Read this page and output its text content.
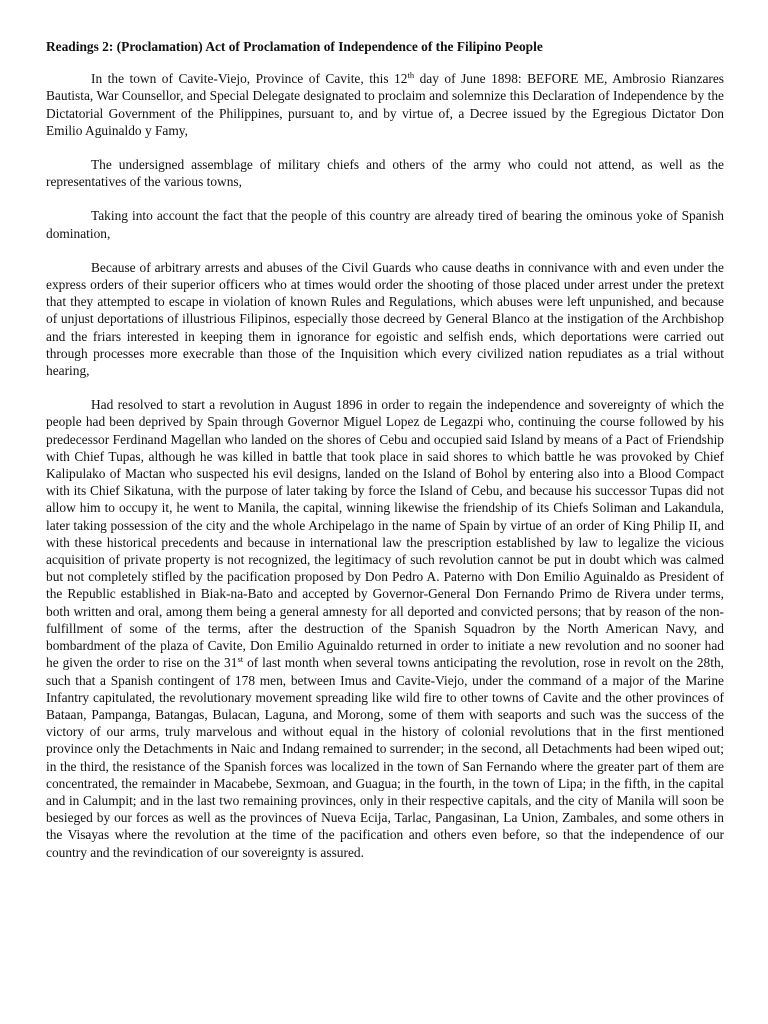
Readings 2: (Proclamation) Act of Proclamation of Independence of the Filipino People

In the town of Cavite-Viejo, Province of Cavite, this 12th day of June 1898: BEFORE ME, Ambrosio Rianzares Bautista, War Counsellor, and Special Delegate designated to proclaim and solemnize this Declaration of Independence by the Dictatorial Government of the Philippines, pursuant to, and by virtue of, a Decree issued by the Egregious Dictator Don Emilio Aguinaldo y Famy,

The undersigned assemblage of military chiefs and others of the army who could not attend, as well as the representatives of the various towns,

Taking into account the fact that the people of this country are already tired of bearing the ominous yoke of Spanish domination,

Because of arbitrary arrests and abuses of the Civil Guards who cause deaths in connivance with and even under the express orders of their superior officers who at times would order the shooting of those placed under arrest under the pretext that they attempted to escape in violation of known Rules and Regulations, which abuses were left unpunished, and because of unjust deportations of illustrious Filipinos, especially those decreed by General Blanco at the instigation of the Archbishop and the friars interested in keeping them in ignorance for egoistic and selfish ends, which deportations were carried out through processes more execrable than those of the Inquisition which every civilized nation repudiates as a trial without hearing,

Had resolved to start a revolution in August 1896 in order to regain the independence and sovereignty of which the people had been deprived by Spain through Governor Miguel Lopez de Legazpi who, continuing the course followed by his predecessor Ferdinand Magellan who landed on the shores of Cebu and occupied said Island by means of a Pact of Friendship with Chief Tupas, although he was killed in battle that took place in said shores to which battle he was provoked by Chief Kalipulako of Mactan who suspected his evil designs, landed on the Island of Bohol by entering also into a Blood Compact with its Chief Sikatuna, with the purpose of later taking by force the Island of Cebu, and because his successor Tupas did not allow him to occupy it, he went to Manila, the capital, winning likewise the friendship of its Chiefs Soliman and Lakandula, later taking possession of the city and the whole Archipelago in the name of Spain by virtue of an order of King Philip II, and with these historical precedents and because in international law the prescription established by law to legalize the vicious acquisition of private property is not recognized, the legitimacy of such revolution cannot be put in doubt which was calmed but not completely stifled by the pacification proposed by Don Pedro A. Paterno with Don Emilio Aguinaldo as President of the Republic established in Biak-na-Bato and accepted by Governor-General Don Fernando Primo de Rivera under terms, both written and oral, among them being a general amnesty for all deported and convicted persons; that by reason of the non-fulfillment of some of the terms, after the destruction of the Spanish Squadron by the North American Navy, and bombardment of the plaza of Cavite, Don Emilio Aguinaldo returned in order to initiate a new revolution and no sooner had he given the order to rise on the 31st of last month when several towns anticipating the revolution, rose in revolt on the 28th, such that a Spanish contingent of 178 men, between Imus and Cavite-Viejo, under the command of a major of the Marine Infantry capitulated, the revolutionary movement spreading like wild fire to other towns of Cavite and the other provinces of Bataan, Pampanga, Batangas, Bulacan, Laguna, and Morong, some of them with seaports and such was the success of the victory of our arms, truly marvelous and without equal in the history of colonial revolutions that in the first mentioned province only the Detachments in Naic and Indang remained to surrender; in the second, all Detachments had been wiped out; in the third, the resistance of the Spanish forces was localized in the town of San Fernando where the greater part of them are concentrated, the remainder in Macabebe, Sexmoan, and Guagua; in the fourth, in the town of Lipa; in the fifth, in the capital and in Calumpit; and in the last two remaining provinces, only in their respective capitals, and the city of Manila will soon be besieged by our forces as well as the provinces of Nueva Ecija, Tarlac, Pangasinan, La Union, Zambales, and some others in the Visayas where the revolution at the time of the pacification and others even before, so that the independence of our country and the revindication of our sovereignty is assured.
